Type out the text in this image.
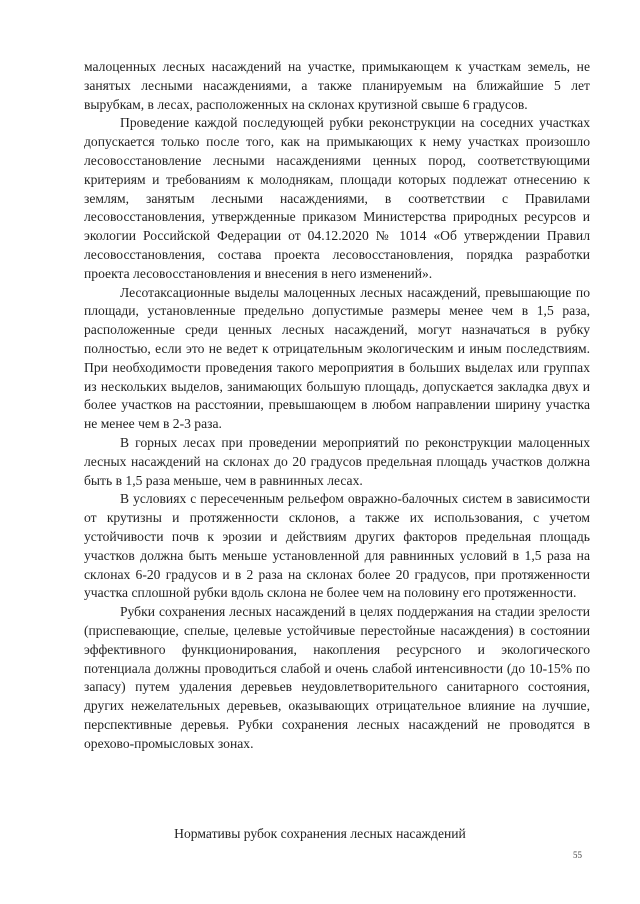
малоценных лесных насаждений на участке, примыкающем к участкам земель, не занятых лесными насаждениями, а также планируемым на ближайшие 5 лет вырубкам, в лесах, расположенных на склонах крутизной свыше 6 градусов.

Проведение каждой последующей рубки реконструкции на соседних участках допускается только после того, как на примыкающих к нему участках произошло лесовосстановление лесными насаждениями ценных пород, соответствующими критериям и требованиям к молоднякам, площади которых подлежат отнесению к землям, занятым лесными насаждениями, в соответствии с Правилами лесовосстановления, утвержденные приказом Министерства природных ресурсов и экологии Российской Федерации от 04.12.2020 № 1014 «Об утверждении Правил лесовосстановления, состава проекта лесовосстановления, порядка разработки проекта лесовосстановления и внесения в него изменений».

Лесотаксационные выделы малоценных лесных насаждений, превышающие по площади, установленные предельно допустимые размеры менее чем в 1,5 раза, расположенные среди ценных лесных насаждений, могут назначаться в рубку полностью, если это не ведет к отрицательным экологическим и иным последствиям. При необходимости проведения такого мероприятия в больших выделах или группах из нескольких выделов, занимающих большую площадь, допускается закладка двух и более участков на расстоянии, превышающем в любом направлении ширину участка не менее чем в 2-3 раза.

В горных лесах при проведении мероприятий по реконструкции малоценных лесных насаждений на склонах до 20 градусов предельная площадь участков должна быть в 1,5 раза меньше, чем в равнинных лесах.

В условиях с пересеченным рельефом овражно-балочных систем в зависимости от крутизны и протяженности склонов, а также их использования, с учетом устойчивости почв к эрозии и действиям других факторов предельная площадь участков должна быть меньше установленной для равнинных условий в 1,5 раза на склонах 6-20 градусов и в 2 раза на склонах более 20 градусов, при протяженности участка сплошной рубки вдоль склона не более чем на половину его протяженности.

Рубки сохранения лесных насаждений в целях поддержания на стадии зрелости (приспевающие, спелые, целевые устойчивые перестойные насаждения) в состоянии эффективного функционирования, накопления ресурсного и экологического потенциала должны проводиться слабой и очень слабой интенсивности (до 10-15% по запасу) путем удаления деревьев неудовлетворительного санитарного состояния, других нежелательных деревьев, оказывающих отрицательное влияние на лучшие, перспективные деревья. Рубки сохранения лесных насаждений не проводятся в орехово-промысловых зонах.

Нормативы рубок сохранения лесных насаждений
55
